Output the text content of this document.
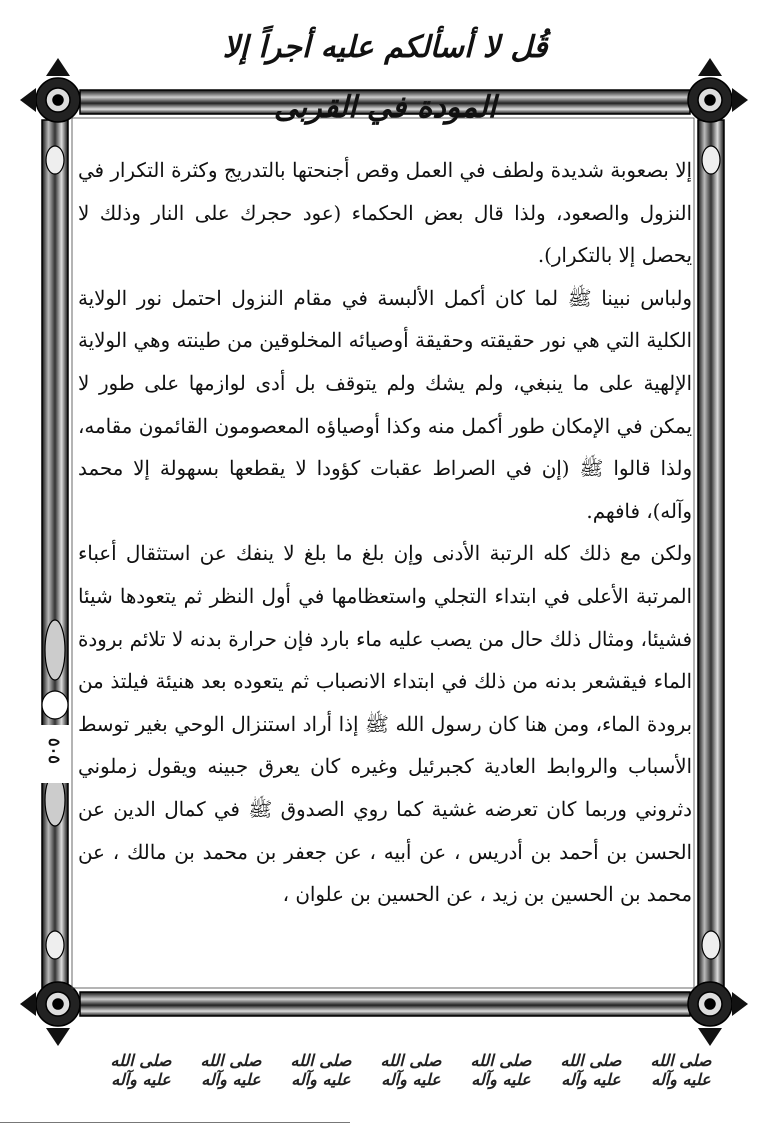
قُل لا أسألكم عليه أجراً إلا المودة في القربى
٥٠٥

إلا بصعوبة شديدة ولطف في العمل وقص أجنحتها بالتدريج وكثرة التكرار في النزول والصعود، ولذا قال بعض الحكماء (عود حجرك على النار وذلك لا يحصل إلا بالتكرار).

ولباس نبينا ﷺ لما كان أكمل الألبسة في مقام النزول احتمل نور الولاية الكلية التي هي نور حقيقته وحقيقة أوصيائه المخلوقين من طينته وهي الولاية الإلهية على ما ينبغي، ولم يشك ولم يتوقف بل أدى لوازمها على طور لا يمكن في الإمكان طور أكمل منه وكذا أوصياؤه المعصومون القائمون مقامه، ولذا قالوا ﷺ (إن في الصراط عقبات كؤودا لا يقطعها بسهولة إلا محمد وآله)، فافهم.

ولكن مع ذلك كله الرتبة الأدنى وإن بلغ ما بلغ لا ينفك عن استثقال أعباء المرتبة الأعلى في ابتداء التجلي واستعظامها في أول النظر ثم يتعودها شيئا فشيئا، ومثال ذلك حال من يصب عليه ماء بارد فإن حرارة بدنه لا تلائم برودة الماء فيقشعر بدنه من ذلك في ابتداء الانصباب ثم يتعوده بعد هنيئة فيلتذ من برودة الماء، ومن هنا كان رسول الله ﷺ إذا أراد استنزال الوحي بغير توسط الأسباب والروابط العادية كجبرئيل وغيره كان يعرق جبينه ويقول زملوني دثروني وربما كان تعرضه غشية كما روي الصدوق ﷺ في كمال الدين عن الحسن بن أحمد بن أدريس ، عن أبيه ، عن جعفر بن محمد بن مالك ، عن محمد بن الحسين بن زيد ، عن الحسين بن علوان ،

صلى الله عليه وآله
صلى الله عليه وآله
صلى الله عليه وآله
صلى الله عليه وآله
صلى الله عليه وآله
صلى الله عليه وآله
صلى الله عليه وآله
